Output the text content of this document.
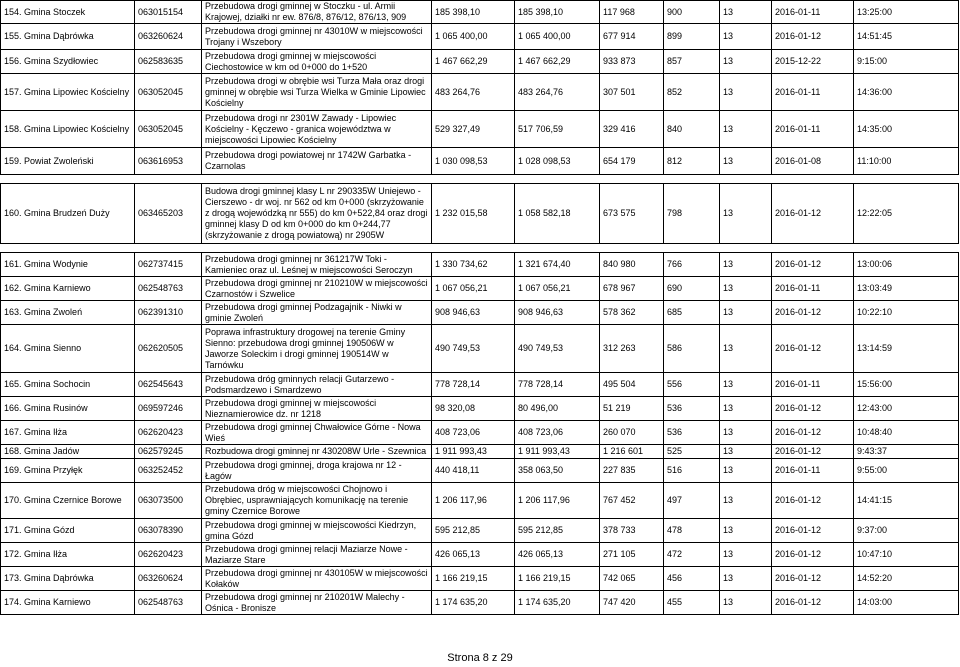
154. Gmina Stoczek	063015154	Przebudowa drogi gminnej w Stoczku - ul. Armii Krajowej, działki nr ew. 876/8, 876/12, 876/13, 909	185 398,10	185 398,10	117 968	900	13	2016-01-11	13:25:00
155. Gmina Dąbrówka	063260624	Przebudowa drogi gminnej nr 43010W w miejscowości Trojany i Wszebory	1 065 400,00	1 065 400,00	677 914	899	13	2016-01-12	14:51:45
156. Gmina Szydłowiec	062583635	Przebudowa drogi gminnej w miejscowości Ciechostowice w km od 0+000 do 1+520	1 467 662,29	1 467 662,29	933 873	857	13	2015-12-22	9:15:00
157. Gmina Lipowiec Kościelny	063052045	Przebudowa drogi w obrębie wsi Turza Mała oraz drogi gminnej w obrębie wsi Turza Wielka w Gminie Lipowiec Kościelny	483 264,76	483 264,76	307 501	852	13	2016-01-11	14:36:00
158. Gmina Lipowiec Kościelny	063052045	Przebudowa drogi nr 2301W Zawady - Lipowiec Kościelny - Kęczewo - granica województwa w miejscowości Lipowiec Kościelny	529 327,49	517 706,59	329 416	840	13	2016-01-11	14:35:00
159. Powiat Zwoleński	063616953	Przebudowa drogi powiatowej nr 1742W Garbatka - Czarnolas	1 030 098,53	1 028 098,53	654 179	812	13	2016-01-08	11:10:00

160. Gmina Brudzeń Duży	063465203	Budowa drogi gminnej klasy L nr 290335W Uniejewo - Cierszewo - dr woj. nr 562 od km 0+000 (skrzyżowanie z drogą wojewódzką nr 555) do km 0+522,84 oraz drogi gminnej klasy D od km 0+000 do km 0+244,77 (skrzyżowanie z drogą powiatową) nr 2905W	1 232 015,58	1 058 582,18	673 575	798	13	2016-01-12	12:22:05

161. Gmina Wodynie	062737415	Przebudowa drogi gminnej nr 361217W Toki - Kamieniec oraz ul. Leśnej w miejscowości Seroczyn	1 330 734,62	1 321 674,40	840 980	766	13	2016-01-12	13:00:06
162. Gmina Karniewo	062548763	Przebudowa drogi gminnej nr 210210W w miejscowości Czarnostów i Szwelice	1 067 056,21	1 067 056,21	678 967	690	13	2016-01-11	13:03:49
163. Gmina Zwoleń	062391310	Przebudowa drogi gminnej Podzagajnik - Niwki w gminie Zwoleń	908 946,63	908 946,63	578 362	685	13	2016-01-12	10:22:10
164. Gmina Sienno	062620505	Poprawa infrastruktury drogowej na terenie Gminy Sienno: przebudowa drogi gminnej 190506W w Jaworze Soleckim i drogi gminnej 190514W w Tarnówku	490 749,53	490 749,53	312 263	586	13	2016-01-12	13:14:59
165. Gmina Sochocin	062545643	Przebudowa dróg gminnych relacji Gutarzewo - Podsmardzewo i Smardzewo	778 728,14	778 728,14	495 504	556	13	2016-01-11	15:56:00
166. Gmina Rusinów	069597246	Przebudowa drogi gminnej w miejscowości Nieznamierowice dz. nr 1218	98 320,08	80 496,00	51 219	536	13	2016-01-12	12:43:00
167. Gmina Iłża	062620423	Przebudowa drogi gminnej Chwałowice Górne - Nowa Wieś	408 723,06	408 723,06	260 070	536	13	2016-01-12	10:48:40
168. Gmina Jadów	062579245	Rozbudowa drogi gminnej nr 430208W Urle - Szewnica	1 911 993,43	1 911 993,43	1 216 601	525	13	2016-01-12	9:43:37
169. Gmina Przyłęk	063252452	Przebudowa drogi gminnej, droga krajowa nr 12 - Łagów	440 418,11	358 063,50	227 835	516	13	2016-01-11	9:55:00
170. Gmina Czernice Borowe	063073500	Przebudowa dróg w miejscowości Chojnowo i Obrębiec, usprawniających komunikację na terenie gminy Czernice Borowe	1 206 117,96	1 206 117,96	767 452	497	13	2016-01-12	14:41:15
171. Gmina Gózd	063078390	Przebudowa drogi gminnej w miejscowości Kiedrzyn, gmina Gózd	595 212,85	595 212,85	378 733	478	13	2016-01-12	9:37:00
172. Gmina Iłża	062620423	Przebudowa drogi gminnej relacji Maziarze Nowe - Maziarze Stare	426 065,13	426 065,13	271 105	472	13	2016-01-12	10:47:10
173. Gmina Dąbrówka	063260624	Przebudowa drogi gminnej nr 430105W w miejscowości Kołaków	1 166 219,15	1 166 219,15	742 065	456	13	2016-01-12	14:52:20
174. Gmina Karniewo	062548763	Przebudowa drogi gminnej nr 210201W Malechy - Ośnica - Bronisze	1 174 635,20	1 174 635,20	747 420	455	13	2016-01-12	14:03:00
Strona 8 z 29
